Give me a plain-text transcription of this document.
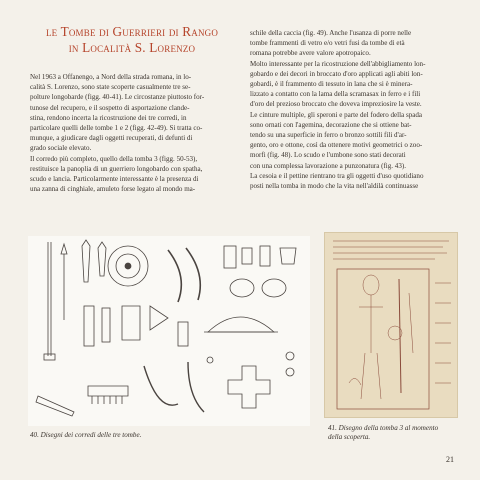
le Tombe di Guerrieri di Rango
in Località S. Lorenzo

Nel 1963 a Offanengo, a Nord della strada romana, in lo-

calità S. Lorenzo, sono state scoperte casualmente tre se-

polture longobarde (figg. 40-41). Le circostanze piuttosto for-

tunose del recupero, e il sospetto di asportazione clande-

stina, rendono incerta la ricostruzione dei tre corredi, in

particolare quelli delle tombe 1 e 2 (figg. 42-49). Si tratta co-

munque, a giudicare dagli oggetti recuperati, di defunti di

grado sociale elevato.

Il corredo più completo, quello della tomba 3 (figg. 50-53),

restituisce la panoplia di un guerriero longobardo con spatha,

scudo e lancia. Particolarmente interessante è la presenza di

una zanna di cinghiale, amuleto forse legato al mondo ma-

schile della caccia (fig. 49). Anche l'usanza di porre nelle

tombe frammenti di vetro e/o vetri fusi da tombe di età

romana potrebbe avere valore apotropaico.

Molto interessante per la ricostruzione dell'abbigliamento lon-

gobardo e dei decori in broccato d'oro applicati agli abiti lon-

gobardi, è il frammento di tessuto in lana che si è minera-

lizzato a contatto con la lama della scramasax in ferro e i fili

d'oro del prezioso broccato che doveva impreziosire la veste.

Le cinture multiple, gli speroni e parte del fodero della spada

sono ornati con l'agemina, decorazione che si ottiene bat-

tendo su una superficie in ferro o bronzo sottili fili d'ar-

gento, oro e ottone, così da ottenere motivi geometrici o zoo-

morfi (fig. 48). Lo scudo e l'umbone sono stati decorati

con una complessa lavorazione a punzonatura (fig. 43).

La cesoia e il pettine rientrano tra gli oggetti d'uso quotidiano

posti nella tomba in modo che la vita nell'aldilà continuasse

40. Disegni dei corredi delle tre tombe.
41. Disegno della tomba 3 al momento
della scoperta.
21
